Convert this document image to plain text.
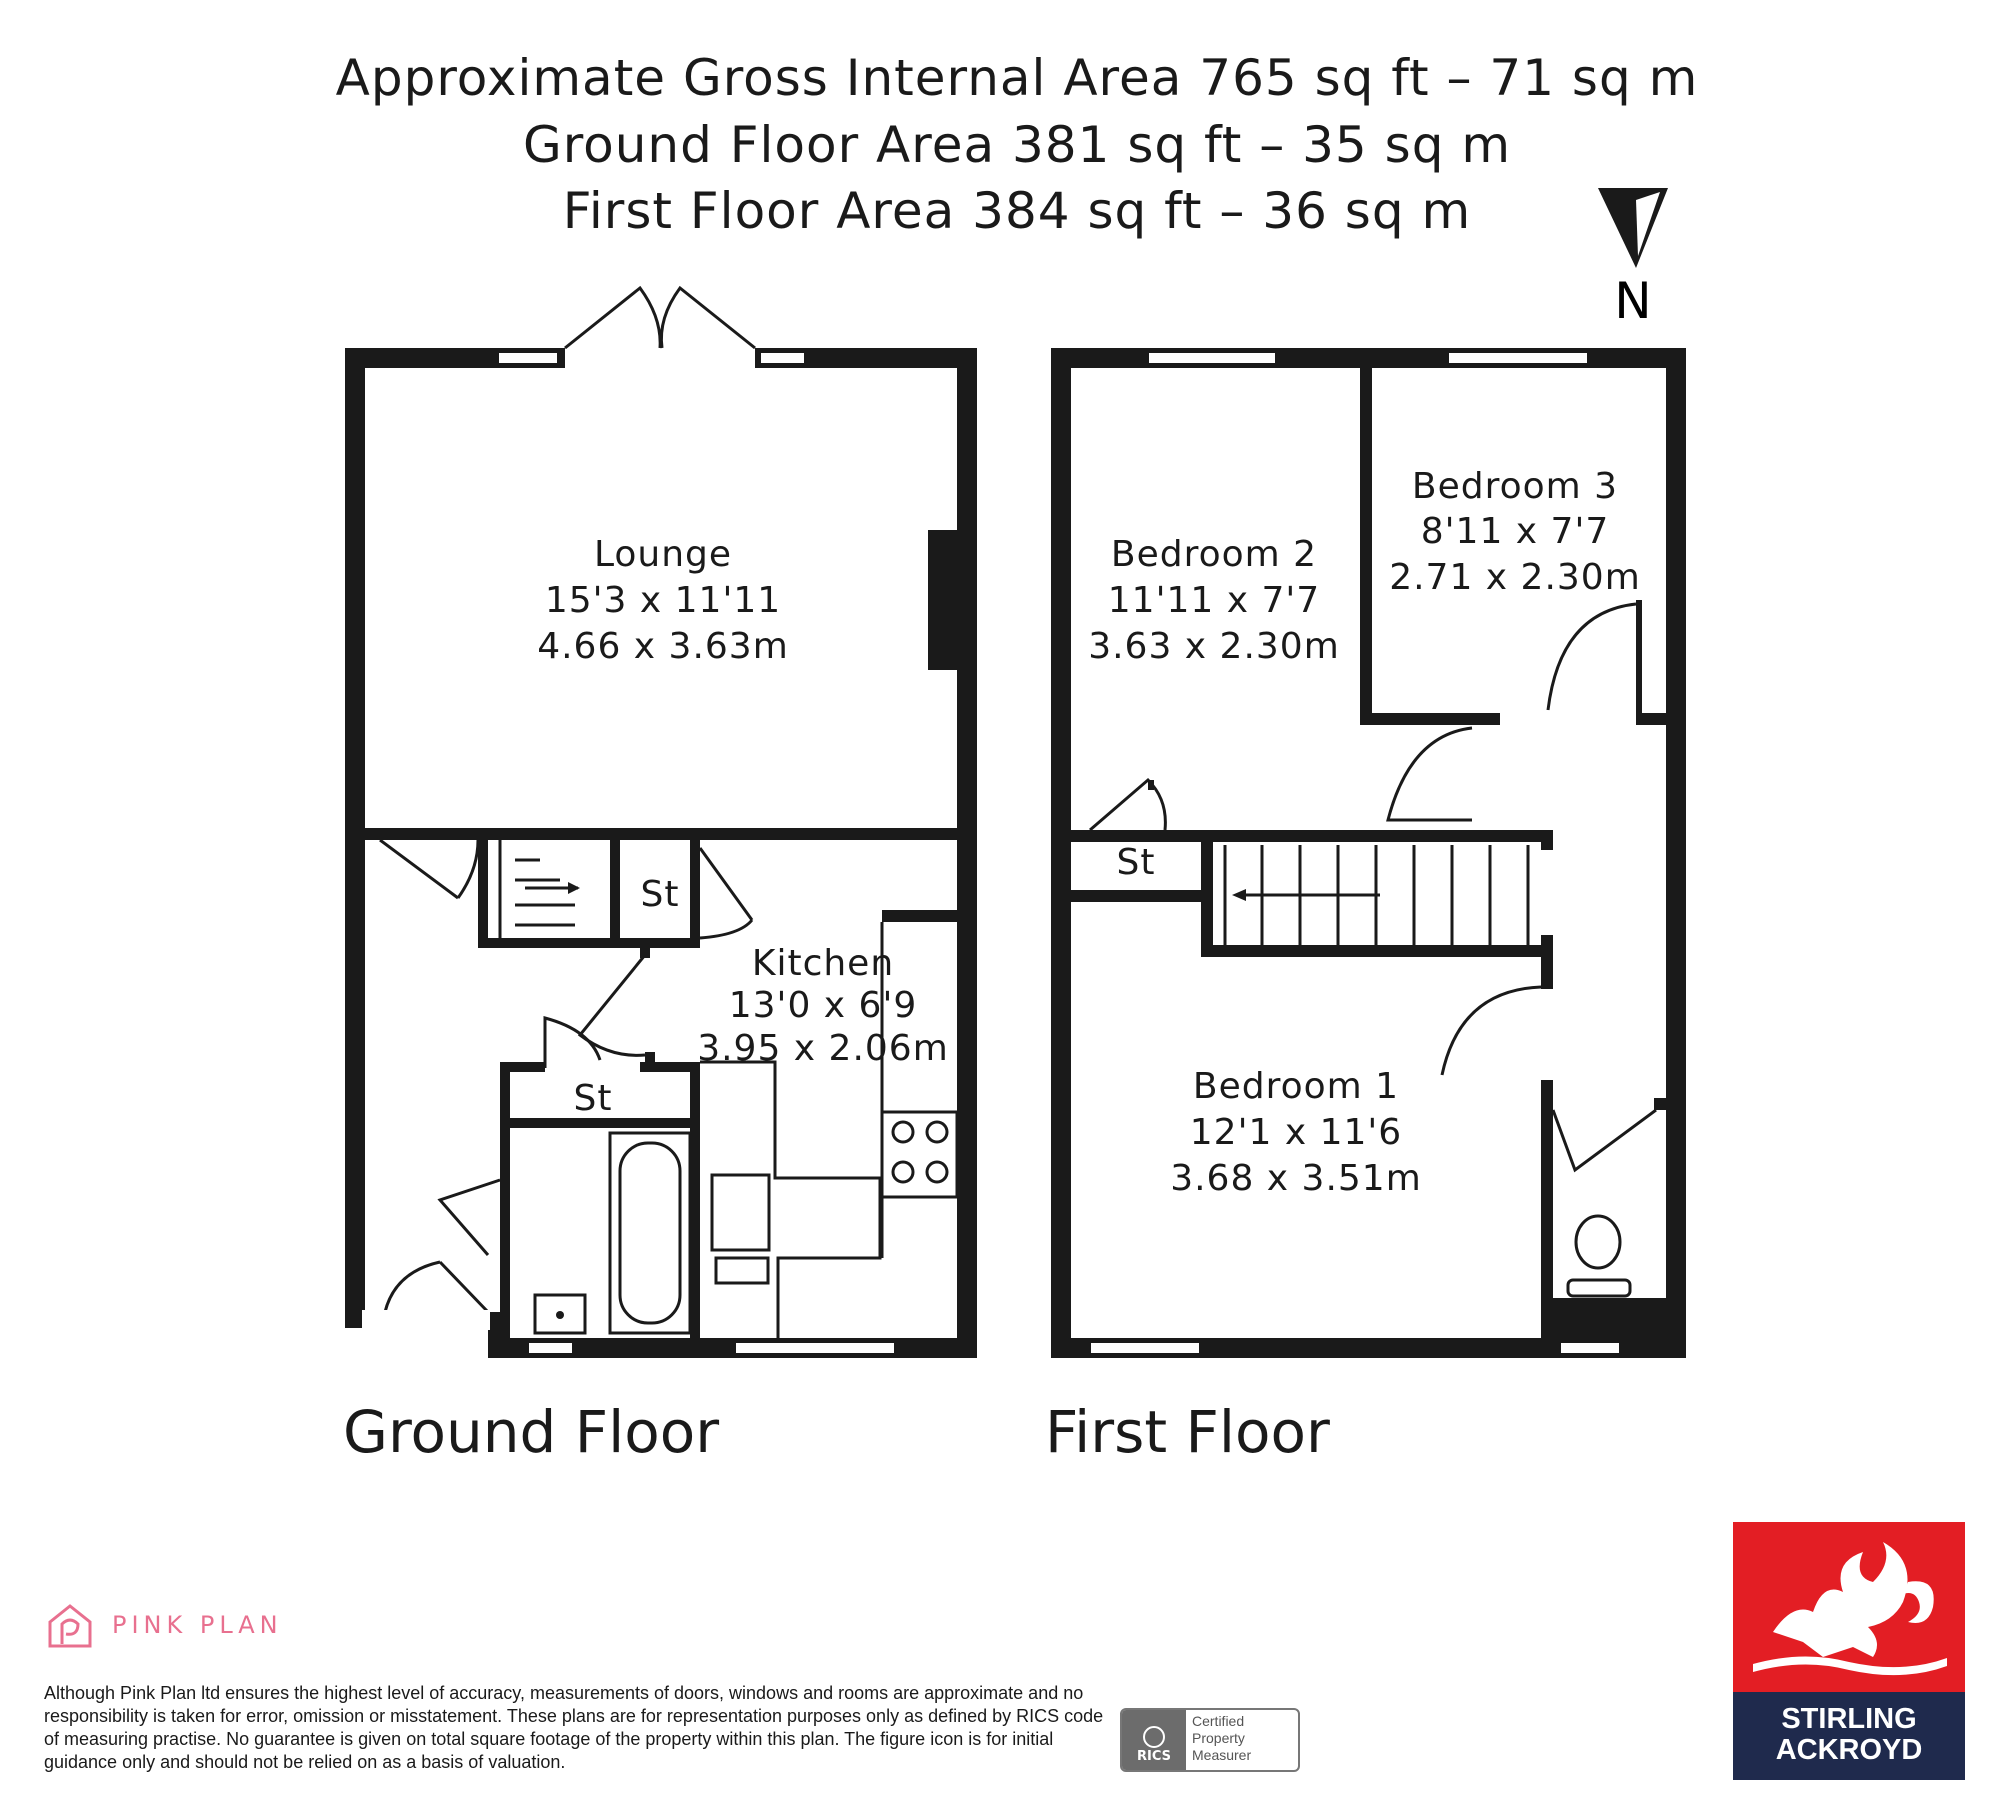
Approximate Gross Internal Area 765 sq ft – 71 sq m
Ground Floor Area 381 sq ft – 35 sq m
First Floor Area 384 sq ft – 36 sq m
N
Lounge
15'3 x 11'11
4.66 x 3.63m
Kitchen
13'0 x 6'9
3.95 x 2.06m
St
St
Ground Floor
Bedroom 3
8'11 x 7'7
2.71 x 2.30m
Bedroom 2
11'11 x 7'7
3.63 x 2.30m
St
Bedroom 1
12'1 x 11'6
3.68 x 3.51m
First Floor
PINK PLAN
Although Pink Plan ltd ensures the highest level of accuracy, measurements of doors, windows and rooms are approximate and no responsibility is taken for error, omission or misstatement. These plans are for representation purposes only as defined by RICS code of measuring practise. No guarantee is given on total square footage of the property within this plan. The figure icon is for initial guidance only and should not be relied on as a basis of valuation.	RICS
Certified
Property
Measurer
STIRLING
ACKROYD
